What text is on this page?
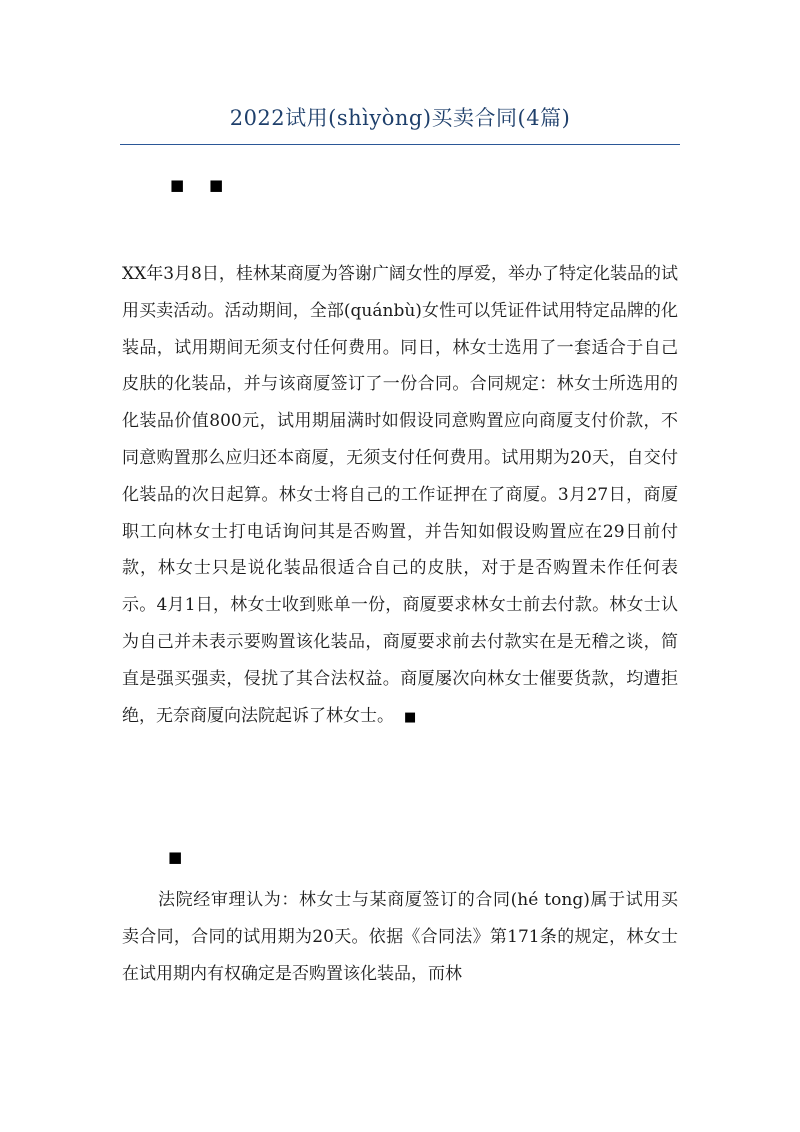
2022试用(shìyòng)买卖合同(4篇)
■ ■

XX年3月8日，桂林某商厦为答谢广阔女性的厚爱，举办了特定化装品的试用买卖活动。活动期间，全部(quánbù)女性可以凭证件试用特定品牌的化装品，试用期间无须支付任何费用。同日，林女士选用了一套适合于自己皮肤的化装品，并与该商厦签订了一份合同。合同规定：林女士所选用的化装品价值800元，试用期届满时如假设同意购置应向商厦支付价款，不同意购置那么应归还本商厦，无须支付任何费用。试用期为20天，自交付化装品的次日起算。林女士将自己的工作证押在了商厦。3月27日，商厦职工向林女士打电话询问其是否购置，并告知如假设购置应在29日前付款，林女士只是说化装品很适合自己的皮肤，对于是否购置未作任何表示。4月1日，林女士收到账单一份，商厦要求林女士前去付款。林女士认为自己并未表示要购置该化装品，商厦要求前去付款实在是无稽之谈，简直是强买强卖，侵扰了其合法权益。商厦屡次向林女士催要货款，均遭拒绝，无奈商厦向法院起诉了林女士。 ■

■

法院经审理认为：林女士与某商厦签订的合同(hé tong)属于试用买卖合同，合同的试用期为20天。依据《合同法》第171条的规定，林女士在试用期内有权确定是否购置该化装品，而林
